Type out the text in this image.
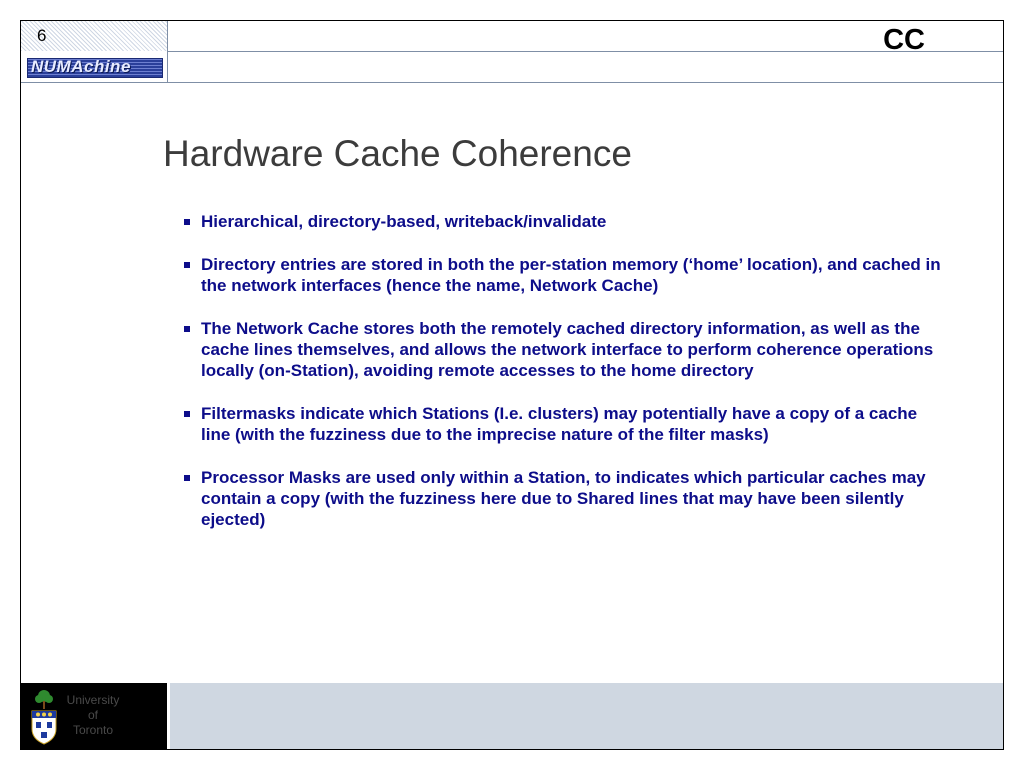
6
NUMAchine
CC
Hardware Cache Coherence
Hierarchical, directory-based, writeback/invalidate
Directory entries are stored in both the per-station memory (‘home’ location), and cached in the network interfaces (hence the name, Network Cache)
The Network Cache stores both the remotely cached directory information, as well as the cache lines themselves, and allows the network interface to perform coherence operations locally (on-Station), avoiding remote accesses to the home directory
Filtermasks indicate which Stations (I.e. clusters) may potentially have a copy of a cache line (with the fuzziness due to the imprecise nature of the filter masks)
Processor Masks are used only within a Station, to indicates which particular caches may contain a copy (with the fuzziness here due to Shared lines that may have been silently ejected)
University
of
Toronto
